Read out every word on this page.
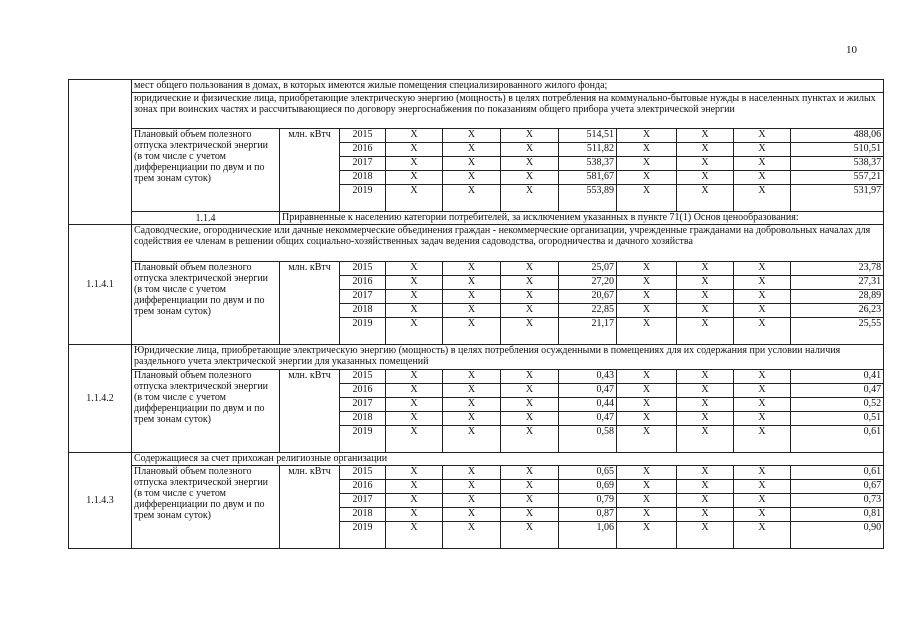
10
	мест общего пользования в домах, в которых имеются жилые помещения специализированного жилого фонда;										
	юридические и физические лица, приобретающие электрическую энергию (мощность) в целях потребления на коммунально-бытовые нужды в населенных пунктах и жилых зонах при воинских частях и рассчитывающиеся по договору энергоснабжения по показаниям общего прибора учета электрической энергии										
	Плановый объем полезного отпуска электрической энергии (в том числе с учетом дифференциации по двум и по трем зонам суток)	млн. кВтч	2015	X	X	X	514,51	X	X	X	488,06
			2016	X	X	X	511,82	X	X	X	510,51
			2017	X	X	X	538,37	X	X	X	538,37
			2018	X	X	X	581,67	X	X	X	557,21
			2019	X	X	X	553,89	X	X	X	531,97
	1.1.4	Приравненные к населению категории потребителей, за исключением указанных в пункте 71(1) Основ ценообразования:									
1.1.4.1	Садоводческие, огороднические или дачные некоммерческие объединения граждан - некоммерческие организации, учрежденные гражданами на добровольных началах для содействия ее членам в решении общих социально-хозяйственных задач ведения садоводства, огородничества и дачного хозяйства										
	Плановый объем полезного отпуска электрической энергии (в том числе с учетом дифференциации по двум и по трем зонам суток)	млн. кВтч	2015	X	X	X	25,07	X	X	X	23,78
			2016	X	X	X	27,20	X	X	X	27,31
			2017	X	X	X	20,67	X	X	X	28,89
			2018	X	X	X	22,85	X	X	X	26,23
			2019	X	X	X	21,17	X	X	X	25,55
1.1.4.2	Юридические лица, приобретающие электрическую энергию (мощность) в целях потребления осужденными в помещениях для их содержания при условии наличия раздельного учета электрической энергии для указанных помещений										
	Плановый объем полезного отпуска электрической энергии (в том числе с учетом дифференциации по двум и по трем зонам суток)	млн. кВтч	2015	X	X	X	0,43	X	X	X	0,41
			2016	X	X	X	0,47	X	X	X	0,47
			2017	X	X	X	0,44	X	X	X	0,52
			2018	X	X	X	0,47	X	X	X	0,51
			2019	X	X	X	0,58	X	X	X	0,61
1.1.4.3	Содержащиеся за счет прихожан религиозные организации										
	Плановый объем полезного отпуска электрической энергии (в том числе с учетом дифференциации по двум и по трем зонам суток)	млн. кВтч	2015	X	X	X	0,65	X	X	X	0,61
			2016	X	X	X	0,69	X	X	X	0,67
			2017	X	X	X	0,79	X	X	X	0,73
			2018	X	X	X	0,87	X	X	X	0,81
			2019	X	X	X	1,06	X	X	X	0,90
